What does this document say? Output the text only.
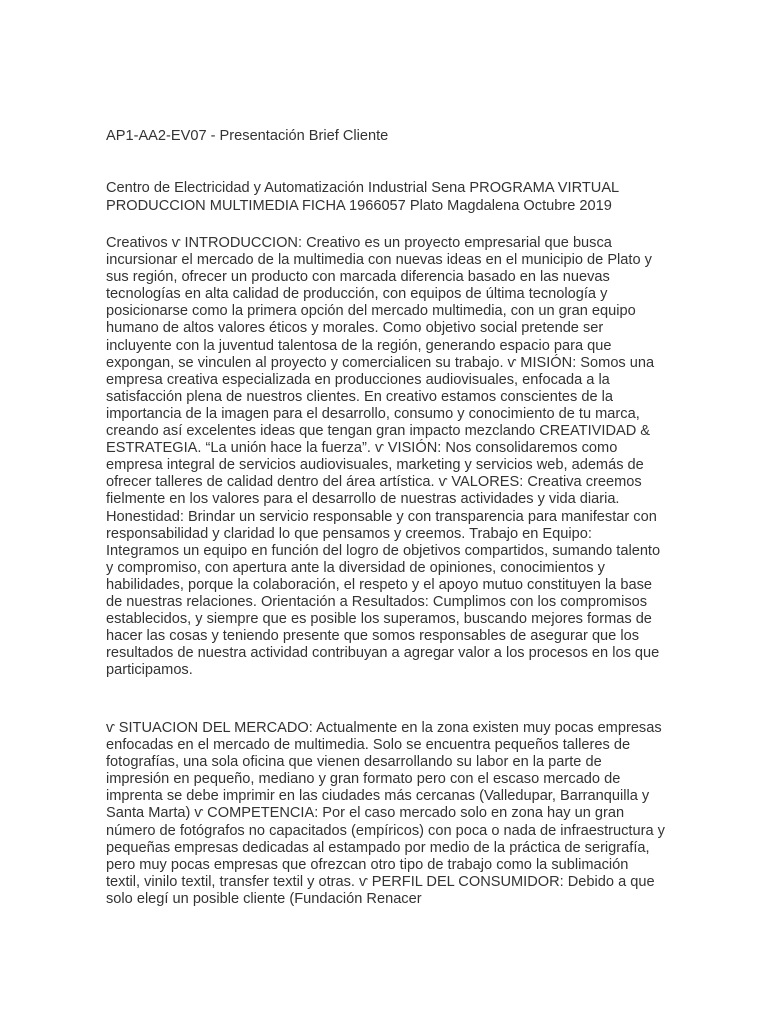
AP1-AA2-EV07 - Presentación Brief Cliente

Centro de Electricidad y Automatización Industrial Sena PROGRAMA VIRTUAL PRODUCCION MULTIMEDIA FICHA 1966057 Plato Magdalena Octubre 2019

Creativos ⱱ INTRODUCCION: Creativo es un proyecto empresarial que busca incursionar el mercado de la multimedia con nuevas ideas en el municipio de Plato y sus región, ofrecer un producto con marcada diferencia basado en las nuevas tecnologías en alta calidad de producción, con equipos de última tecnología y posicionarse como la primera opción del mercado multimedia, con un gran equipo humano de altos valores éticos y morales. Como objetivo social pretende ser incluyente con la juventud talentosa de la región, generando espacio para que expongan, se vinculen al proyecto y comercialicen su trabajo. ⱱ MISIÓN: Somos una empresa creativa especializada en producciones audiovisuales, enfocada a la satisfacción plena de nuestros clientes. En creativo estamos conscientes de la importancia de la imagen para el desarrollo, consumo y conocimiento de tu marca, creando así excelentes ideas que tengan gran impacto mezclando CREATIVIDAD & ESTRATEGIA. “La unión hace la fuerza”. ⱱ VISIÓN: Nos consolidaremos como empresa integral de servicios audiovisuales, marketing y servicios web, además de ofrecer talleres de calidad dentro del área artística. ⱱ VALORES: Creativa creemos fielmente en los valores para el desarrollo de nuestras actividades y vida diaria. Honestidad: Brindar un servicio responsable y con transparencia para manifestar con responsabilidad y claridad lo que pensamos y creemos. Trabajo en Equipo: Integramos un equipo en función del logro de objetivos compartidos, sumando talento y compromiso, con apertura ante la diversidad de opiniones, conocimientos y habilidades, porque la colaboración, el respeto y el apoyo mutuo constituyen la base de nuestras relaciones. Orientación a Resultados: Cumplimos con los compromisos establecidos, y siempre que es posible los superamos, buscando mejores formas de hacer las cosas y teniendo presente que somos responsables de asegurar que los resultados de nuestra actividad contribuyan a agregar valor a los procesos en los que participamos.

ⱱ SITUACION DEL MERCADO: Actualmente en la zona existen muy pocas empresas enfocadas en el mercado de multimedia. Solo se encuentra pequeños talleres de fotografías, una sola oficina que vienen desarrollando su labor en la parte de impresión en pequeño, mediano y gran formato pero con el escaso mercado de imprenta se debe imprimir en las ciudades más cercanas (Valledupar, Barranquilla y Santa Marta) ⱱ COMPETENCIA: Por el caso mercado solo en zona hay un gran número de fotógrafos no capacitados (empíricos) con poca o nada de infraestructura y pequeñas empresas dedicadas al estampado por medio de la práctica de serigrafía, pero muy pocas empresas que ofrezcan otro tipo de trabajo como la sublimación textil, vinilo textil, transfer textil y otras. ⱱ PERFIL DEL CONSUMIDOR: Debido a que solo elegí un posible cliente (Fundación Renacer
